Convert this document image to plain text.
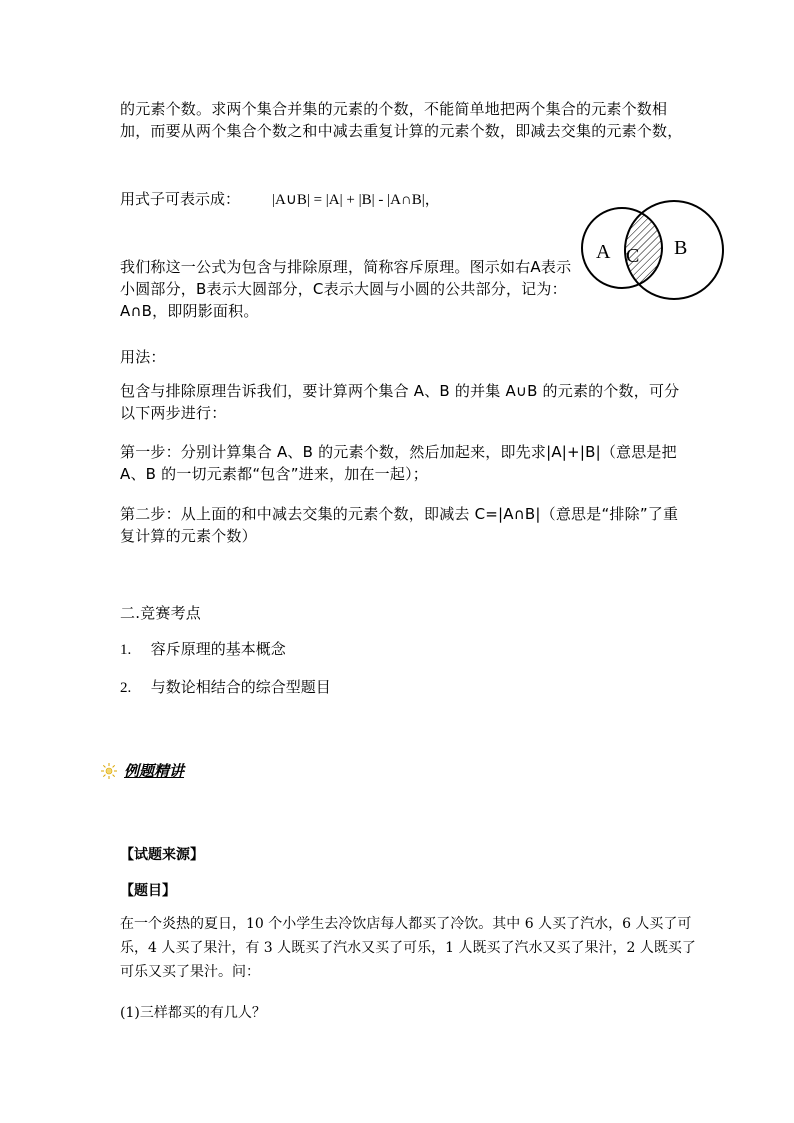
的元素个数。求两个集合并集的元素的个数，不能简单地把两个集合的元素个数相加，而要从两个集合个数之和中减去重复计算的元素个数，即减去交集的元素个数，

用式子可表示成： |A∪B| = |A| + |B| - |A∩B|，
A C B

我们称这一公式为包含与排除原理，简称容斥原理。图示如右A表示小圆部分，B表示大圆部分，C表示大圆与小圆的公共部分，记为：A∩B，即阴影面积。

用法：

包含与排除原理告诉我们，要计算两个集合 A、B 的并集 A∪B 的元素的个数，可分以下两步进行：

第一步：分别计算集合 A、B 的元素个数，然后加起来，即先求|A|+|B|（意思是把 A、B 的一切元素都“包含”进来，加在一起）；

第二步：从上面的和中减去交集的元素个数，即减去 C=|A∩B|（意思是“排除”了重复计算的元素个数）

二.竞赛考点

1. 容斥原理的基本概念
2. 与数论相结合的综合型题目
例题精讲
【试题来源】
【题目】

在一个炎热的夏日，10 个小学生去冷饮店每人都买了冷饮。其中 6 人买了汽水，6 人买了可乐，4 人买了果汁，有 3 人既买了汽水又买了可乐，1 人既买了汽水又买了果汁，2 人既买了可乐又买了果汁。问：

(1)三样都买的有几人？
